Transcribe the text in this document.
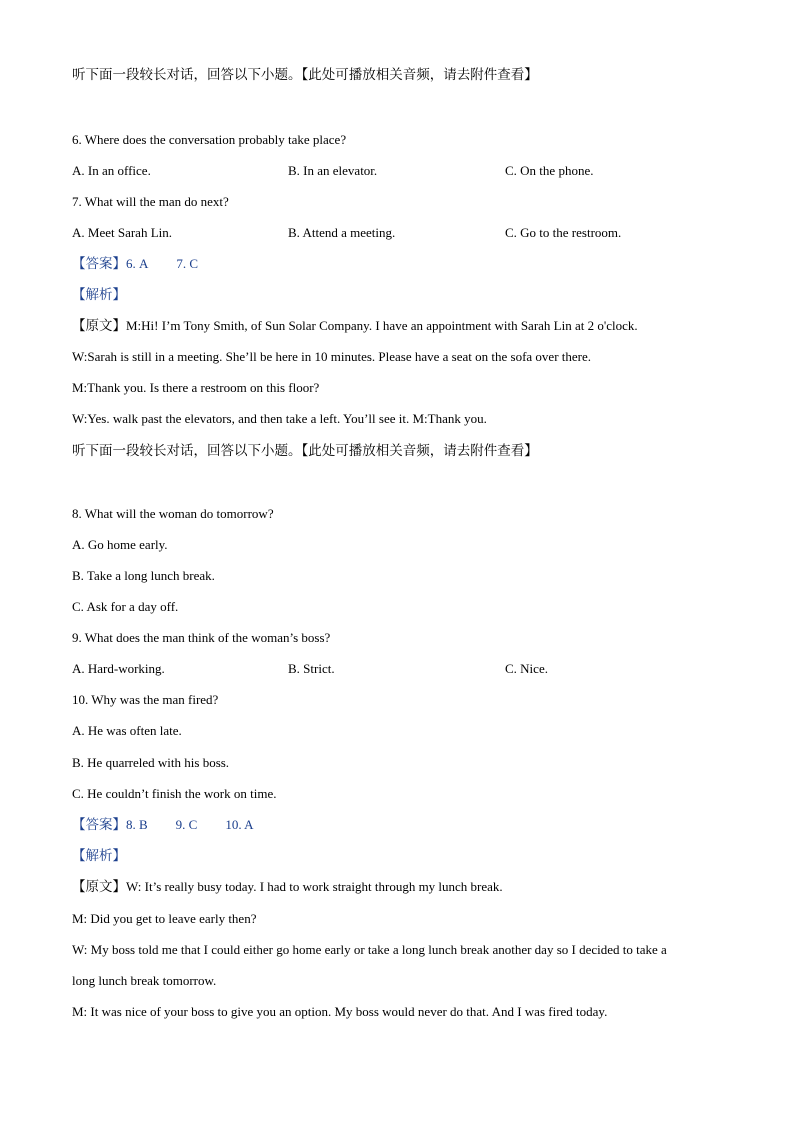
听下面一段较长对话，回答以下小题。【此处可播放相关音频，请去附件查看】
6. Where does the conversation probably take place?
A. In an office.	B. In an elevator.	C. On the phone.
7. What will the man do next?
A. Meet Sarah Lin.	B. Attend a meeting.	C. Go to the restroom.
【答案】6. A 7. C
【解析】
【原文】M:Hi! I’m Tony Smith, of Sun Solar Company. I have an appointment with Sarah Lin at 2 o'clock.
W:Sarah is still in a meeting. She’ll be here in 10 minutes. Please have a seat on the sofa over there.
M:Thank you. Is there a restroom on this floor?
W:Yes. walk past the elevators, and then take a left. You’ll see it. M:Thank you.
听下面一段较长对话，回答以下小题。【此处可播放相关音频，请去附件查看】
8. What will the woman do tomorrow?
A. Go home early.
B. Take a long lunch break.
C. Ask for a day off.
9. What does the man think of the woman’s boss?
A. Hard-working.	B. Strict.	C. Nice.
10. Why was the man fired?
A. He was often late.
B. He quarreled with his boss.
C. He couldn’t finish the work on time.
【答案】8. B 9. C 10. A
【解析】
【原文】W: It’s really busy today. I had to work straight through my lunch break.
M: Did you get to leave early then?
W: My boss told me that I could either go home early or take a long lunch break another day so I decided to take a
long lunch break tomorrow.
M: It was nice of your boss to give you an option. My boss would never do that. And I was fired today.
